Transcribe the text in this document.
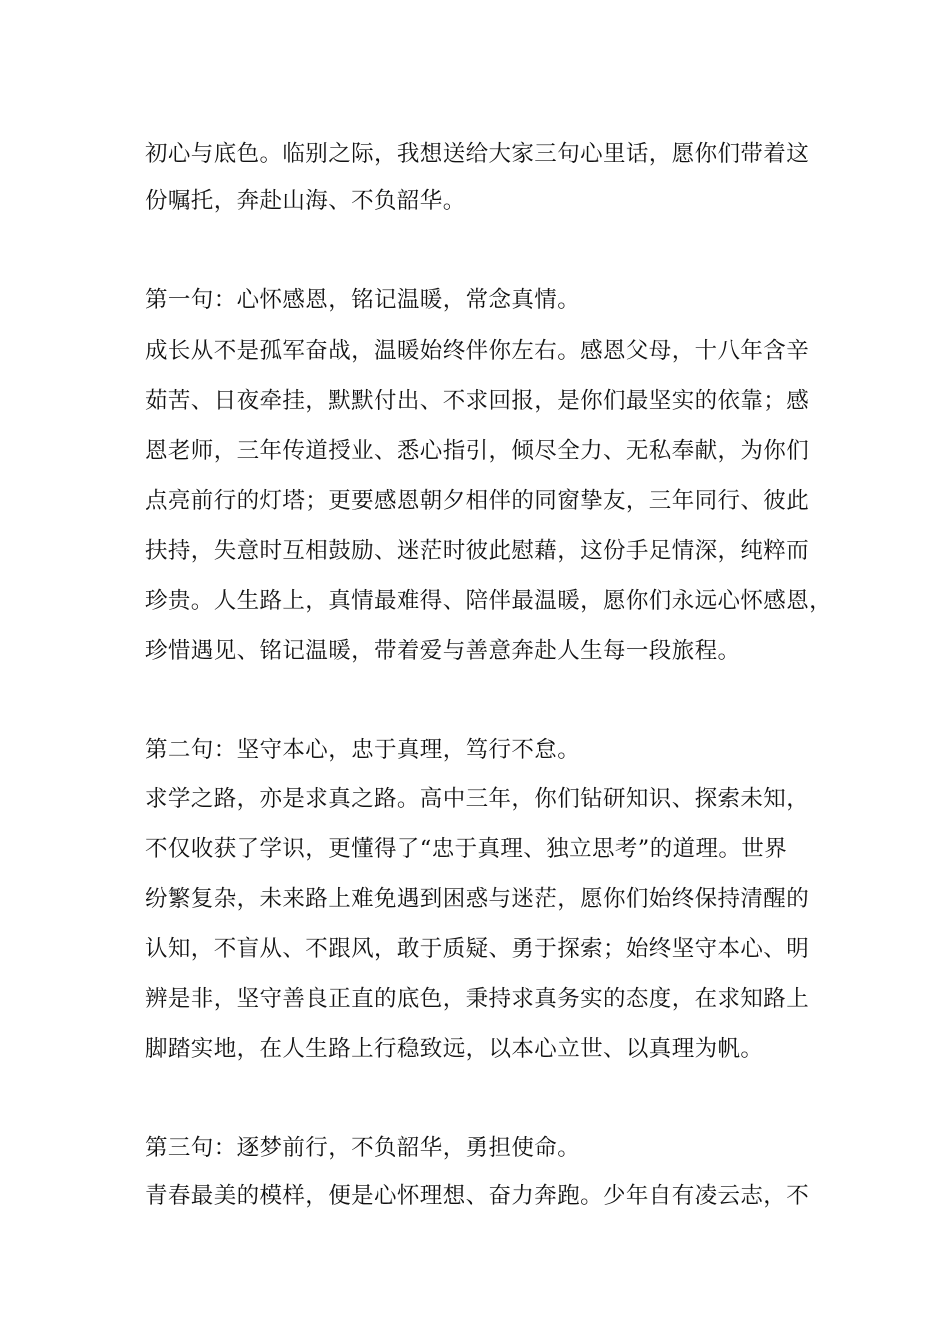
初心与底色。临别之际，我想送给大家三句心里话，愿你们带着这
份嘱托，奔赴山海、不负韶华。
第一句：心怀感恩，铭记温暖，常念真情。
成长从不是孤军奋战，温暖始终伴你左右。感恩父母，十八年含辛
茹苦、日夜牵挂，默默付出、不求回报，是你们最坚实的依靠；感
恩老师，三年传道授业、悉心指引，倾尽全力、无私奉献，为你们
点亮前行的灯塔；更要感恩朝夕相伴的同窗挚友，三年同行、彼此
扶持，失意时互相鼓励、迷茫时彼此慰藉，这份手足情深，纯粹而
珍贵。人生路上，真情最难得、陪伴最温暖，愿你们永远心怀感恩，
珍惜遇见、铭记温暖，带着爱与善意奔赴人生每一段旅程。
第二句：坚守本心，忠于真理，笃行不怠。
求学之路，亦是求真之路。高中三年，你们钻研知识、探索未知，
不仅收获了学识，更懂得了“忠于真理、独立思考”的道理。世界
纷繁复杂，未来路上难免遇到困惑与迷茫，愿你们始终保持清醒的
认知，不盲从、不跟风，敢于质疑、勇于探索；始终坚守本心、明
辨是非，坚守善良正直的底色，秉持求真务实的态度，在求知路上
脚踏实地，在人生路上行稳致远，以本心立世、以真理为帆。
第三句：逐梦前行，不负韶华，勇担使命。
青春最美的模样，便是心怀理想、奋力奔跑。少年自有凌云志，不
